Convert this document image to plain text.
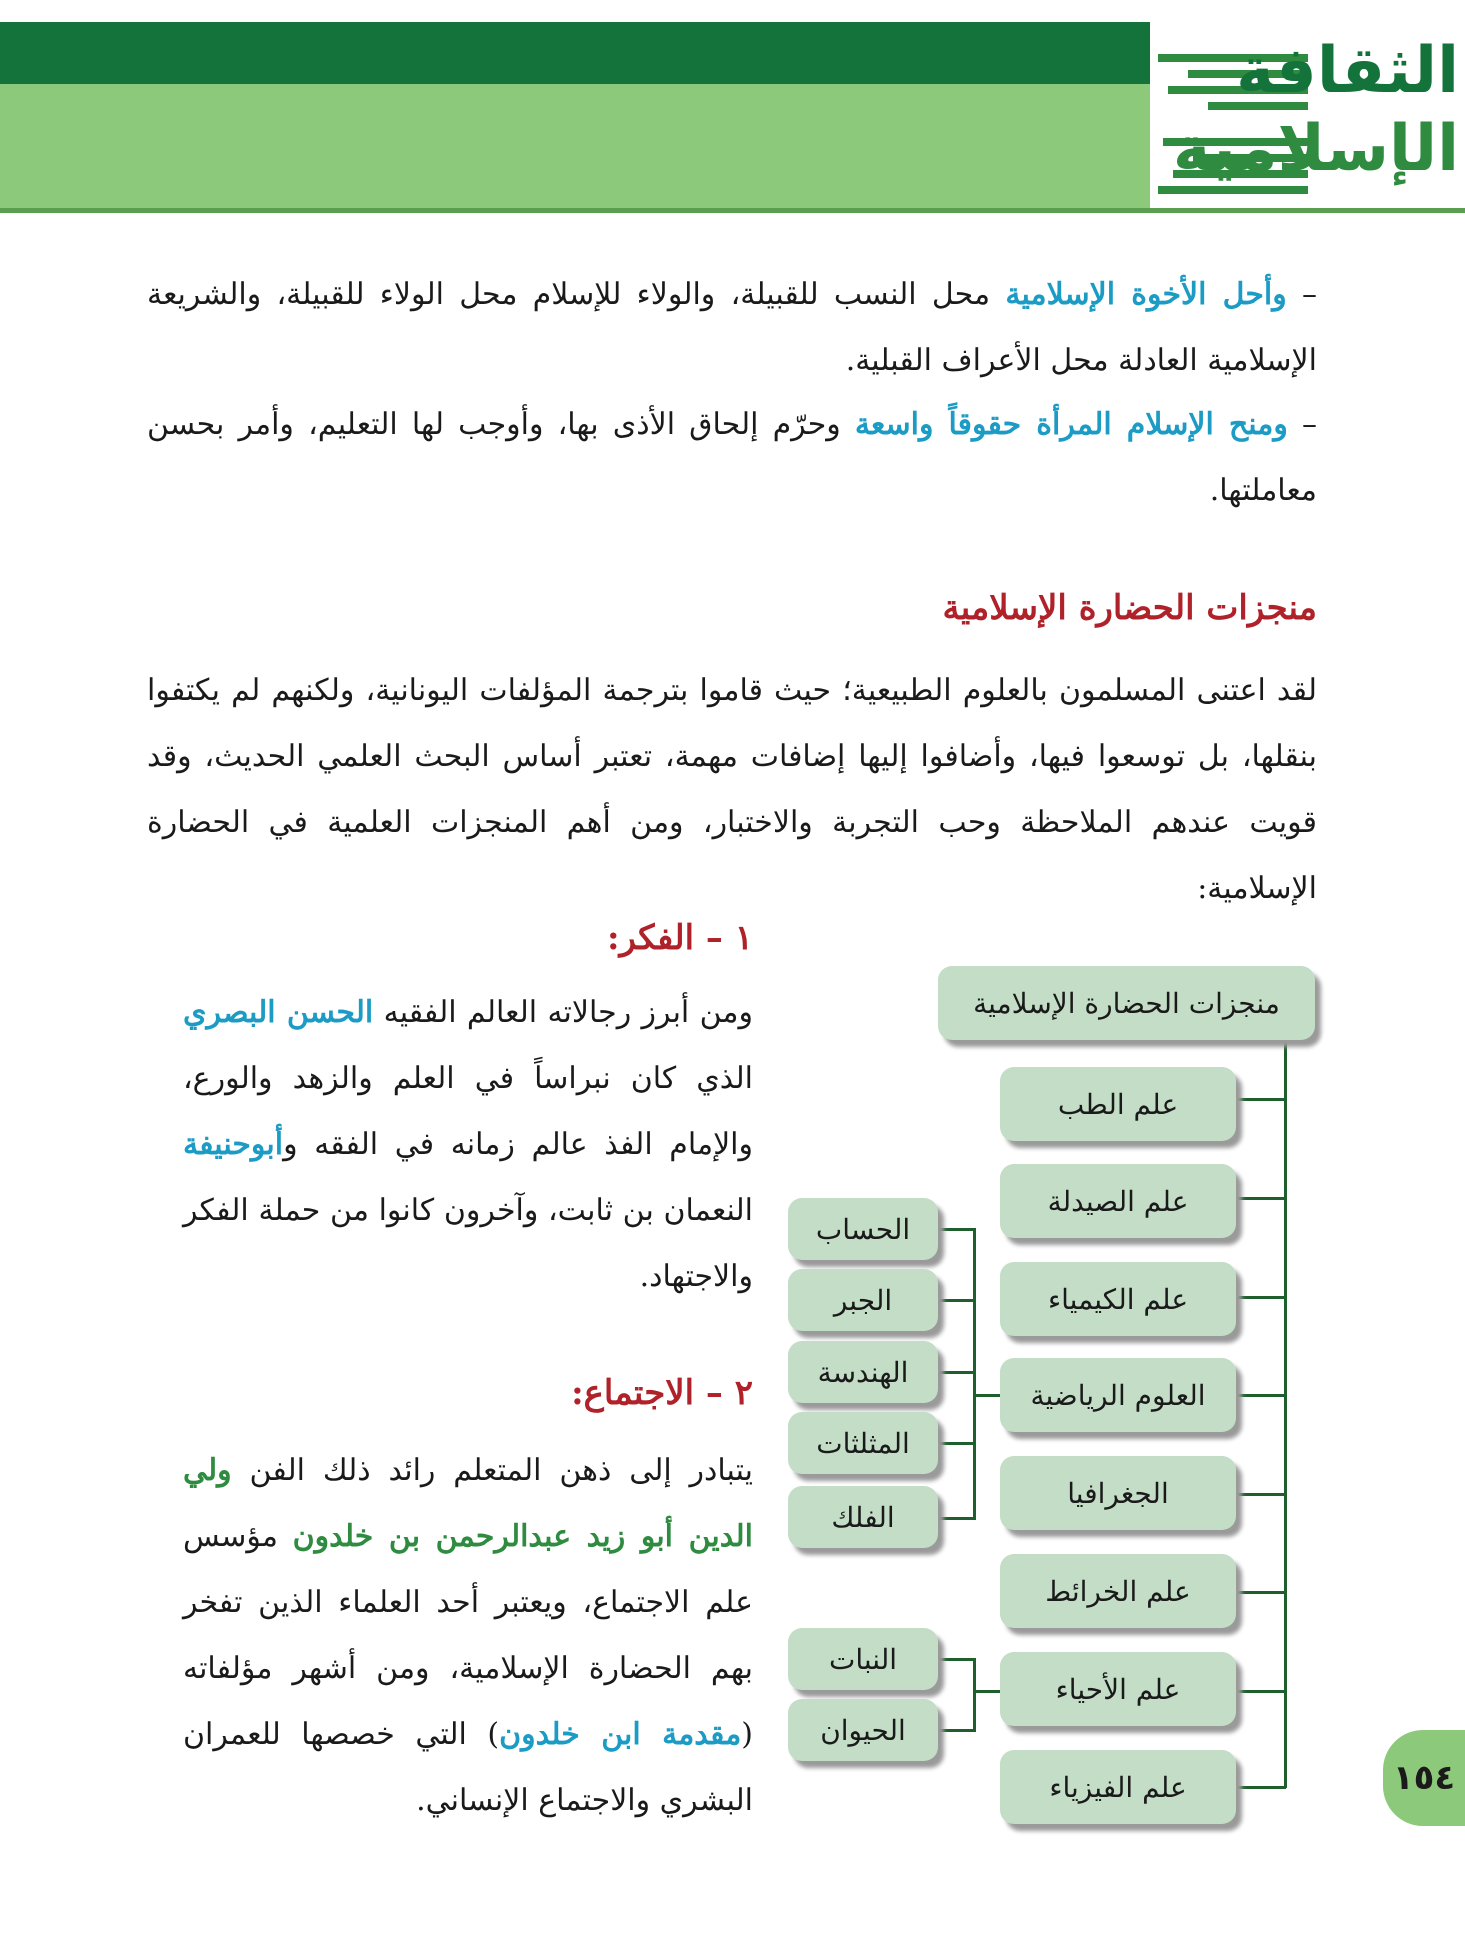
الثقافة
الإسلامية
– وأحل الأخوة الإسلامية محل النسب للقبيلة، والولاء للإسلام محل الولاء للقبيلة، والشريعة الإسلامية العادلة محل الأعراف القبلية.
– ومنح الإسلام المرأة حقوقاً واسعة وحرّم إلحاق الأذى بها، وأوجب لها التعليم، وأمر بحسن معاملتها.
منجزات الحضارة الإسلامية
لقد اعتنى المسلمون بالعلوم الطبيعية؛ حيث قاموا بترجمة المؤلفات اليونانية، ولكنهم لم يكتفوا بنقلها، بل توسعوا فيها، وأضافوا إليها إضافات مهمة، تعتبر أساس البحث العلمي الحديث، وقد قويت عندهم الملاحظة وحب التجربة والاختبار، ومن أهم المنجزات العلمية في الحضارة الإسلامية:
١ – الفكر:
ومن أبرز رجالاته العالم الفقيه الحسن البصري الذي كان نبراساً في العلم والزهد والورع، والإمام الفذ عالم زمانه في الفقه وأبوحنيفة النعمان بن ثابت، وآخرون كانوا من حملة الفكر والاجتهاد.
٢ – الاجتماع:
يتبادر إلى ذهن المتعلم رائد ذلك الفن ولي الدين أبو زيد عبدالرحمن بن خلدون مؤسس علم الاجتماع، ويعتبر أحد العلماء الذين تفخر بهم الحضارة الإسلامية، ومن أشهر مؤلفاته (مقدمة ابن خلدون) التي خصصها للعمران البشري والاجتماع الإنساني.
منجزات الحضارة الإسلامية
علم الطب
علم الصيدلة
علم الكيمياء
العلوم الرياضية
الجغرافيا
علم الخرائط
علم الأحياء
علم الفيزياء
الحساب
الجبر
الهندسة
المثلثات
الفلك
النبات
الحيوان
١٥٤
